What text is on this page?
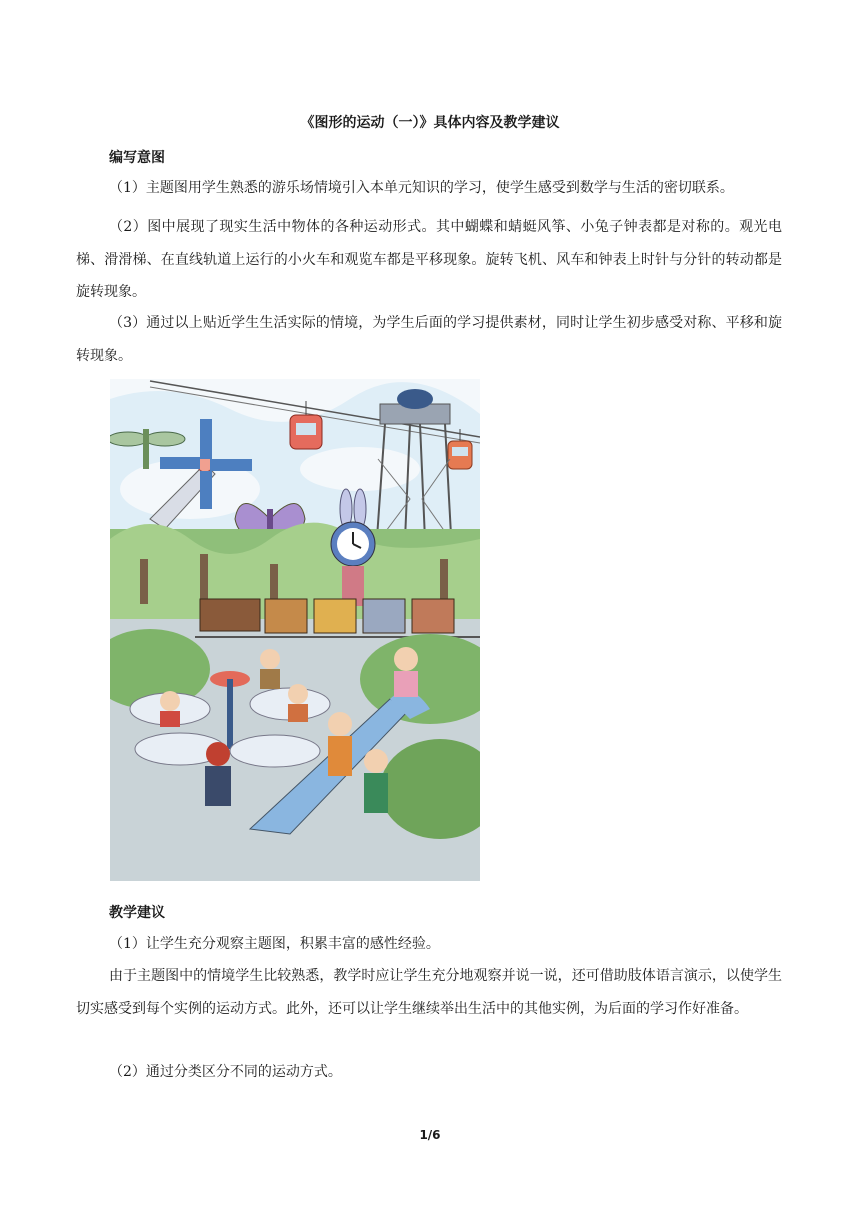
《图形的运动（一）》具体内容及教学建议
编写意图
（1）主题图用学生熟悉的游乐场情境引入本单元知识的学习，使学生感受到数学与生活的密切联系。
（2）图中展现了现实生活中物体的各种运动形式。其中蝴蝶和蜻蜓风筝、小兔子钟表都是对称的。观光电梯、滑滑梯、在直线轨道上运行的小火车和观览车都是平移现象。旋转飞机、风车和钟表上时针与分针的转动都是旋转现象。
（3）通过以上贴近学生生活实际的情境，为学生后面的学习提供素材，同时让学生初步感受对称、平移和旋转现象。
教学建议
（1）让学生充分观察主题图，积累丰富的感性经验。
由于主题图中的情境学生比较熟悉，教学时应让学生充分地观察并说一说，还可借助肢体语言演示，以使学生切实感受到每个实例的运动方式。此外，还可以让学生继续举出生活中的其他实例，为后面的学习作好准备。
（2）通过分类区分不同的运动方式。
1/6
